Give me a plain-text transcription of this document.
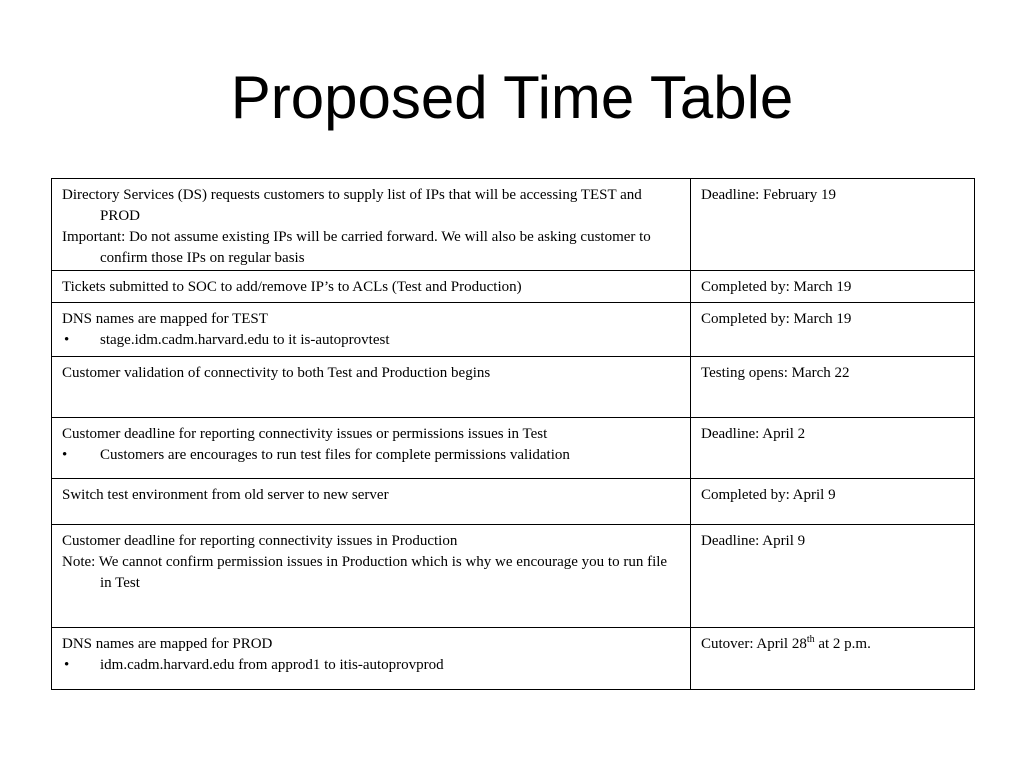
Proposed Time Table

Directory Services (DS) requests customers to supply list of IPs that will be accessing TEST and PROD

Important: Do not assume existing IPs will be carried forward. We will also be asking customer to confirm those IPs on regular basis	Deadline: February 19

Tickets submitted to SOC to add/remove IP’s to ACLs (Test and Production)	Completed by: March 19

DNS names are mapped for TEST

• stage.idm.cadm.harvard.edu to it is-autoprovtest	Completed by: March 19

Customer validation of connectivity to both Test and Production begins	Testing opens: March 22

Customer deadline for reporting connectivity issues or permissions issues in Test

• Customers are encourages to run test files for complete permissions validation	Deadline: April 2

Switch test environment from old server to new server	Completed by: April 9

Customer deadline for reporting connectivity issues in Production

Note: We cannot confirm permission issues in Production which is why we encourage you to run file in Test	Deadline: April 9

DNS names are mapped for PROD

• idm.cadm.harvard.edu from approd1 to itis-autoprovprod	Cutover: April 28th at 2 p.m.
